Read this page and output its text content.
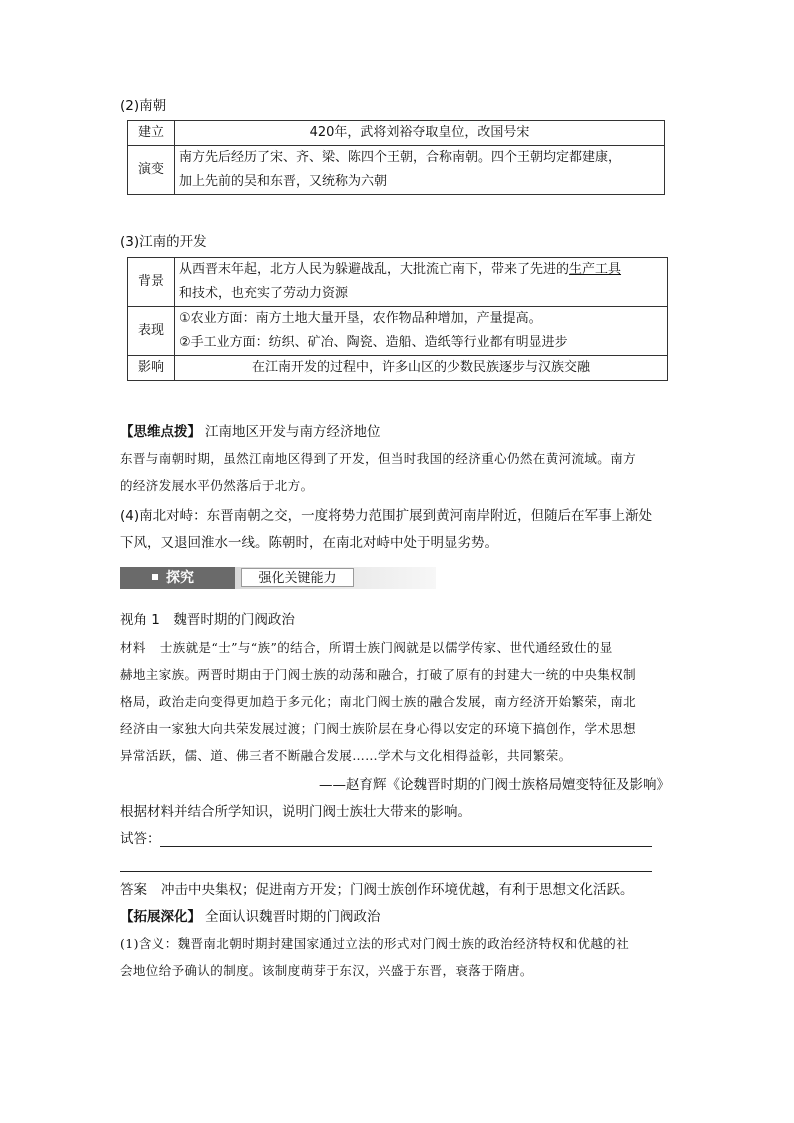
(2)南朝
建立	420年，武将刘裕夺取皇位，改国号宋
演变	南方先后经历了宋、齐、梁、陈四个王朝，合称南朝。四个王朝均定都建康，
加上先前的吴和东晋，又统称为六朝
(3)江南的开发
背景	从西晋末年起，北方人民为躲避战乱，大批流亡南下，带来了先进的生产工具
和技术，也充实了劳动力资源

表现	①农业方面：南方土地大量开垦，农作物品种增加，产量提高。
②手工业方面：纺织、矿冶、陶瓷、造船、造纸等行业都有明显进步

影响	在江南开发的过程中，许多山区的少数民族逐步与汉族交融
【思维点拨】 江南地区开发与南方经济地位
东晋与南朝时期，虽然江南地区得到了开发，但当时我国的经济重心仍然在黄河流域。南方
的经济发展水平仍然落后于北方。
(4)南北对峙：东晋南朝之交，一度将势力范围扩展到黄河南岸附近，但随后在军事上渐处
下风，又退回淮水一线。陈朝时，在南北对峙中处于明显劣势。
探究	强化关键能力
视角 1　魏晋时期的门阀政治
材料 士族就是“士”与“族”的结合，所谓士族门阀就是以儒学传家、世代通经致仕的显
赫地主家族。两晋时期由于门阀士族的动荡和融合，打破了原有的封建大一统的中央集权制
格局，政治走向变得更加趋于多元化；南北门阀士族的融合发展，南方经济开始繁荣，南北
经济由一家独大向共荣发展过渡；门阀士族阶层在身心得以安定的环境下搞创作，学术思想
异常活跃，儒、道、佛三者不断融合发展……学术与文化相得益彰，共同繁荣。
——赵育辉《论魏晋时期的门阀士族格局嬗变特征及影响》
根据材料并结合所学知识，说明门阀士族壮大带来的影响。
试答：
答案 冲击中央集权；促进南方开发；门阀士族创作环境优越，有利于思想文化活跃。
【拓展深化】 全面认识魏晋时期的门阀政治
(1)含义：魏晋南北朝时期封建国家通过立法的形式对门阀士族的政治经济特权和优越的社
会地位给予确认的制度。该制度萌芽于东汉，兴盛于东晋，衰落于隋唐。
